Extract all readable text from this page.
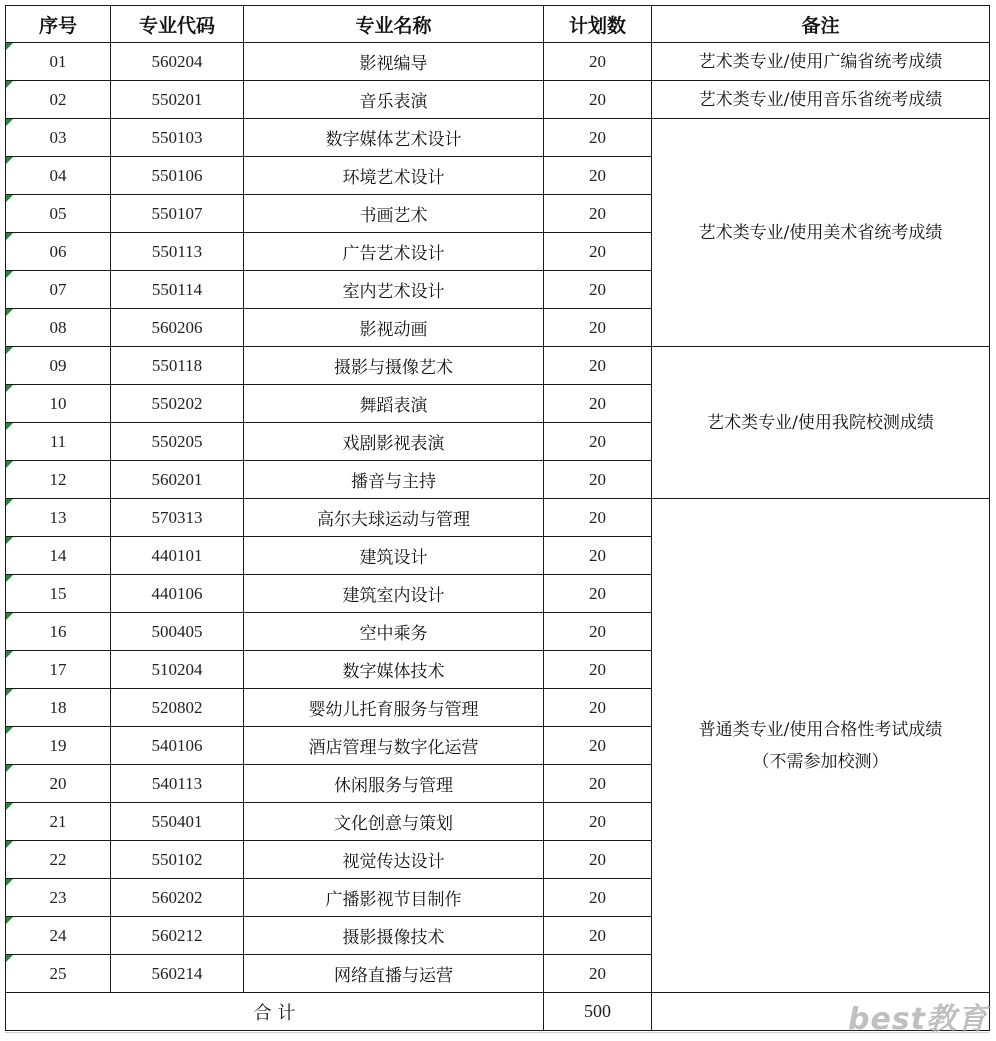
序号	专业代码	专业名称	计划数	备注
01	560204	影视编导	20	艺术类专业/使用广编省统考成绩
02	550201	音乐表演	20	艺术类专业/使用音乐省统考成绩
03	550103	数字媒体艺术设计	20	艺术类专业/使用美术省统考成绩
04	550106	环境艺术设计	20	
05	550107	书画艺术	20	
06	550113	广告艺术设计	20	
07	550114	室内艺术设计	20	
08	560206	影视动画	20	
09	550118	摄影与摄像艺术	20	艺术类专业/使用我院校测成绩
10	550202	舞蹈表演	20	
11	550205	戏剧影视表演	20	
12	560201	播音与主持	20	
13	570313	高尔夫球运动与管理	20	普通类专业/使用合格性考试成绩
（不需参加校测）

14	440101	建筑设计	20	
15	440106	建筑室内设计	20	
16	500405	空中乘务	20	
17	510204	数字媒体技术	20	
18	520802	婴幼儿托育服务与管理	20	
19	540106	酒店管理与数字化运营	20	
20	540113	休闲服务与管理	20	
21	550401	文化创意与策划	20	
22	550102	视觉传达设计	20	
23	560202	广播影视节目制作	20	
24	560212	摄影摄像技术	20	
25	560214	网络直播与运营	20	
合 计			500		best教育
